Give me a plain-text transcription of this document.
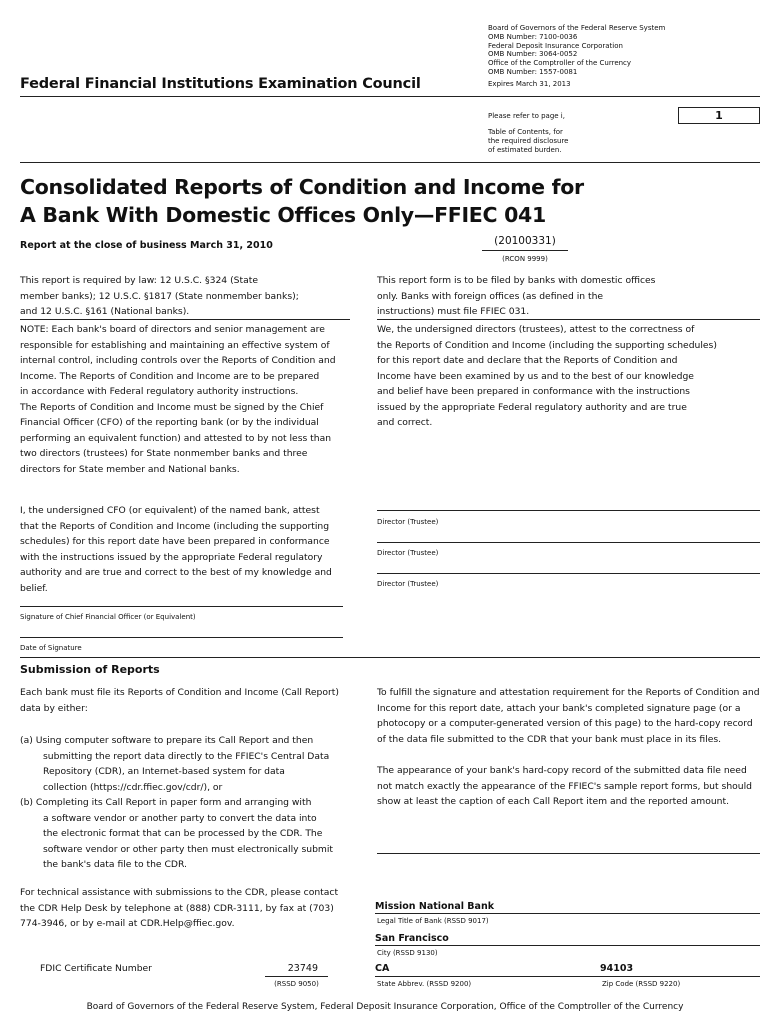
Board of Governors of the Federal Reserve System
OMB Number: 7100-0036
Federal Deposit Insurance Corporation
OMB Number: 3064-0052
Office of the Comptroller of the Currency
OMB Number: 1557-0081
Expires March 31, 2013
Federal Financial Institutions Examination Council
Please refer to page i,	1
Table of Contents, for
the required disclosure
of estimated burden.
Consolidated Reports of Condition and Income for
A Bank With Domestic Offices Only—FFIEC 041
Report at the close of business March 31, 2010	(20100331)
(RCON 9999)
This report is required by law: 12 U.S.C. §324 (State
member banks); 12 U.S.C. §1817 (State nonmember banks);
and 12 U.S.C. §161 (National banks).
This report form is to be filed by banks with domestic offices
only. Banks with foreign offices (as defined in the
instructions) must file FFIEC 031.
NOTE: Each bank's board of directors and senior management are
responsible for establishing and maintaining an effective system of
internal control, including controls over the Reports of Condition and
Income. The Reports of Condition and Income are to be prepared
in accordance with Federal regulatory authority instructions.
The Reports of Condition and Income must be signed by the Chief
Financial Officer (CFO) of the reporting bank (or by the individual
performing an equivalent function) and attested to by not less than
two directors (trustees) for State nonmember banks and three
directors for State member and National banks.
We, the undersigned directors (trustees), attest to the correctness of
the Reports of Condition and Income (including the supporting schedules)
for this report date and declare that the Reports of Condition and
Income have been examined by us and to the best of our knowledge
and belief have been prepared in conformance with the instructions
issued by the appropriate Federal regulatory authority and are true
and correct.
I, the undersigned CFO (or equivalent) of the named bank, attest
that the Reports of Condition and Income (including the supporting
schedules) for this report date have been prepared in conformance
with the instructions issued by the appropriate Federal regulatory
authority and are true and correct to the best of my knowledge and
belief.
Director (Trustee)
Director (Trustee)
Director (Trustee)
Signature of Chief Financial Officer (or Equivalent)
Date of Signature
Submission of Reports
Each bank must file its Reports of Condition and Income (Call Report)
data by either:
(a) Using computer software to prepare its Call Report and then
submitting the report data directly to the FFIEC's Central Data
Repository (CDR), an Internet-based system for data
collection (https://cdr.ffiec.gov/cdr/), or
(b) Completing its Call Report in paper form and arranging with
a software vendor or another party to convert the data into
the electronic format that can be processed by the CDR. The
software vendor or other party then must electronically submit
the bank's data file to the CDR.
To fulfill the signature and attestation requirement for the Reports of Condition and
Income for this report date, attach your bank's completed signature page (or a
photocopy or a computer-generated version of this page) to the hard-copy record
of the data file submitted to the CDR that your bank must place in its files.
The appearance of your bank's hard-copy record of the submitted data file need
not match exactly the appearance of the FFIEC's sample report forms, but should
show at least the caption of each Call Report item and the reported amount.
For technical assistance with submissions to the CDR, please contact
the CDR Help Desk by telephone at (888) CDR-3111, by fax at (703)
774-3946, or by e-mail at CDR.Help@ffiec.gov.
FDIC Certificate Number	23749
(RSSD 9050)
Mission National Bank
Legal Title of Bank (RSSD 9017)
San Francisco
City (RSSD 9130)
CA	94103
State Abbrev. (RSSD 9200)	Zip Code (RSSD 9220)
Board of Governors of the Federal Reserve System, Federal Deposit Insurance Corporation, Office of the Comptroller of the Currency
